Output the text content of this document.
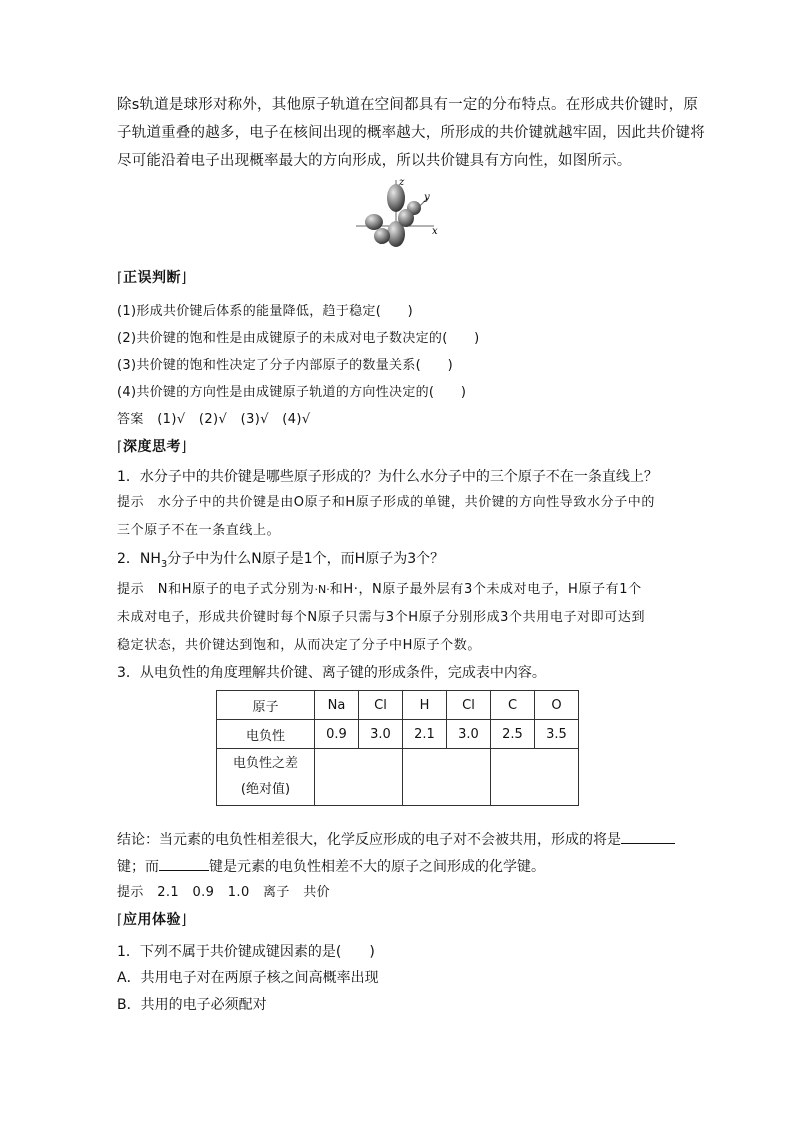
除s轨道是球形对称外，其他原子轨道在空间都具有一定的分布特点。在形成共价键时，原
子轨道重叠的越多，电子在核间出现的概率越大，所形成的共价键就越牢固，因此共价键将
尽可能沿着电子出现概率最大的方向形成，所以共价键具有方向性，如图所示。
x
y
z
⌈正误判断⌋
(1)形成共价键后体系的能量降低，趋于稳定(　　)
(2)共价键的饱和性是由成键原子的未成对电子数决定的(　　)
(3)共价键的饱和性决定了分子内部原子的数量关系(　　)
(4)共价键的方向性是由成键原子轨道的方向性决定的(　　)
答案　(1)√　(2)√　(3)√　(4)√
⌈深度思考⌋
1．水分子中的共价键是哪些原子形成的？为什么水分子中的三个原子不在一条直线上？
提示　水分子中的共价键是由O原子和H原子形成的单键，共价键的方向性导致水分子中的
三个原子不在一条直线上。
2．$NH_3$分子中为什么N原子是1个，而H原子为3个？
提示　N和H原子的电子式分别为·N·和H·，N原子最外层有3个未成对电子，H原子有1个
未成对电子，形成共价键时每个N原子只需与3个H原子分别形成3个共用电子对即可达到
稳定状态，共价键达到饱和，从而决定了分子中H原子个数。
3．从电负性的角度理解共价键、离子键的形成条件，完成表中内容。
原子	Na	Cl	H	Cl	C	O
电负性	0.9	3.0	2.1	3.0	2.5	3.5
电负性之差
(绝对值)						
结论：当元素的电负性相差很大，化学反应形成的电子对不会被共用，形成的将是
键；而	键是元素的电负性相差不大的原子之间形成的化学键。
提示　2.1　0.9　1.0　离子　共价
⌈应用体验⌋
1．下列不属于共价键成键因素的是(　　)
A．共用电子对在两原子核之间高概率出现
B．共用的电子必须配对
